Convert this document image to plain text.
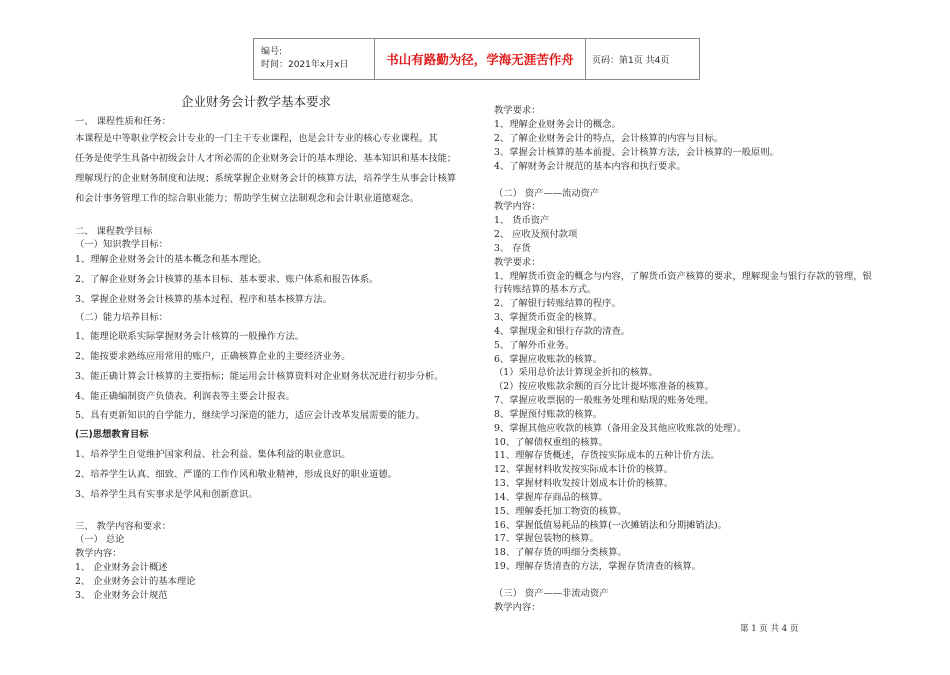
编号:
时间：2021年x月x日	书山有路勤为径，学海无涯苦作舟	页码：第1页 共4页
企业财务会计教学基本要求
一、 课程性质和任务：
本课程是中等职业学校会计专业的一门主干专业课程，也是会计专业的核心专业课程。其
任务是使学生具备中初级会计人才所必需的企业财务会计的基本理论、基本知识和基本技能；
理解现行的企业财务制度和法规；系统掌握企业财务会计的核算方法，培养学生从事会计核算
和会计事务管理工作的综合职业能力；帮助学生树立法制观念和会计职业道德观念。
二、 课程教学目标
（一）知识教学目标：
1、理解企业财务会计的基本概念和基本理论。
2、了解企业财务会计核算的基本目标、基本要求、账户体系和报告体系。
3、掌握企业财务会计核算的基本过程、程序和基本核算方法。
（二）能力培养目标：
1、能理论联系实际掌握财务会计核算的一般操作方法。
2、能按要求熟练应用常用的账户，正确核算企业的主要经济业务。
3、能正确计算会计核算的主要指标；能运用会计核算资料对企业财务状况进行初步分析。
4、能正确编制资产负债表、利润表等主要会计报表。
5、具有更新知识的自学能力，继续学习深造的能力，适应会计改革发展需要的能力。
(三)思想教育目标
1、培养学生自觉维护国家利益、社会利益、集体利益的职业意识。
2、培养学生认真、细致、严谨的工作作风和敬业精神，形成良好的职业道德。
3、培养学生具有实事求是学风和创新意识。
三、 教学内容和要求：
（一） 总论
教学内容：
1、 企业财务会计概述
2、 企业财务会计的基本理论
3、 企业财务会计规范
教学要求：
1、理解企业财务会计的概念。
2、了解企业财务会计的特点，会计核算的内容与目标。
3、掌握会计核算的基本前提、会计核算方法，会计核算的一般原则。
4、了解财务会计规范的基本内容和执行要求。
（二） 资产——流动资产
教学内容：
1、 货币资产
2、 应收及预付款项
3、 存货
教学要求：
1、理解货币资金的概念与内容，了解货币资产核算的要求，理解现金与银行存款的管理，银
行转账结算的基本方式。
2、了解银行转账结算的程序。
3、掌握货币资金的核算。
4、掌握现金和银行存款的清查。
5、了解外币业务。
6、掌握应收账款的核算。
（1）采用总价法计算现金折扣的核算。
（2）按应收账款余额的百分比计提坏账准备的核算。
7、掌握应收票据的一般账务处理和贴现的账务处理。
8、掌握预付账款的核算。
9、掌握其他应收款的核算（备用金及其他应收账款的处理）。
10、了解债权重组的核算。
11、理解存货概述，存货按实际成本的五种计价方法。
12、掌握材料收发按实际成本计价的核算。
13、掌握材料收发按计划成本计价的核算。
14、掌握库存商品的核算。
15、理解委托加工物资的核算。
16、掌握低值易耗品的核算(一次摊销法和分期摊销法)。
17、掌握包装物的核算。
18、了解存货的明细分类核算。
19、理解存货清查的方法，掌握存货清查的核算。
（三） 资产——非流动资产
教学内容：
第 1 页 共 4 页
